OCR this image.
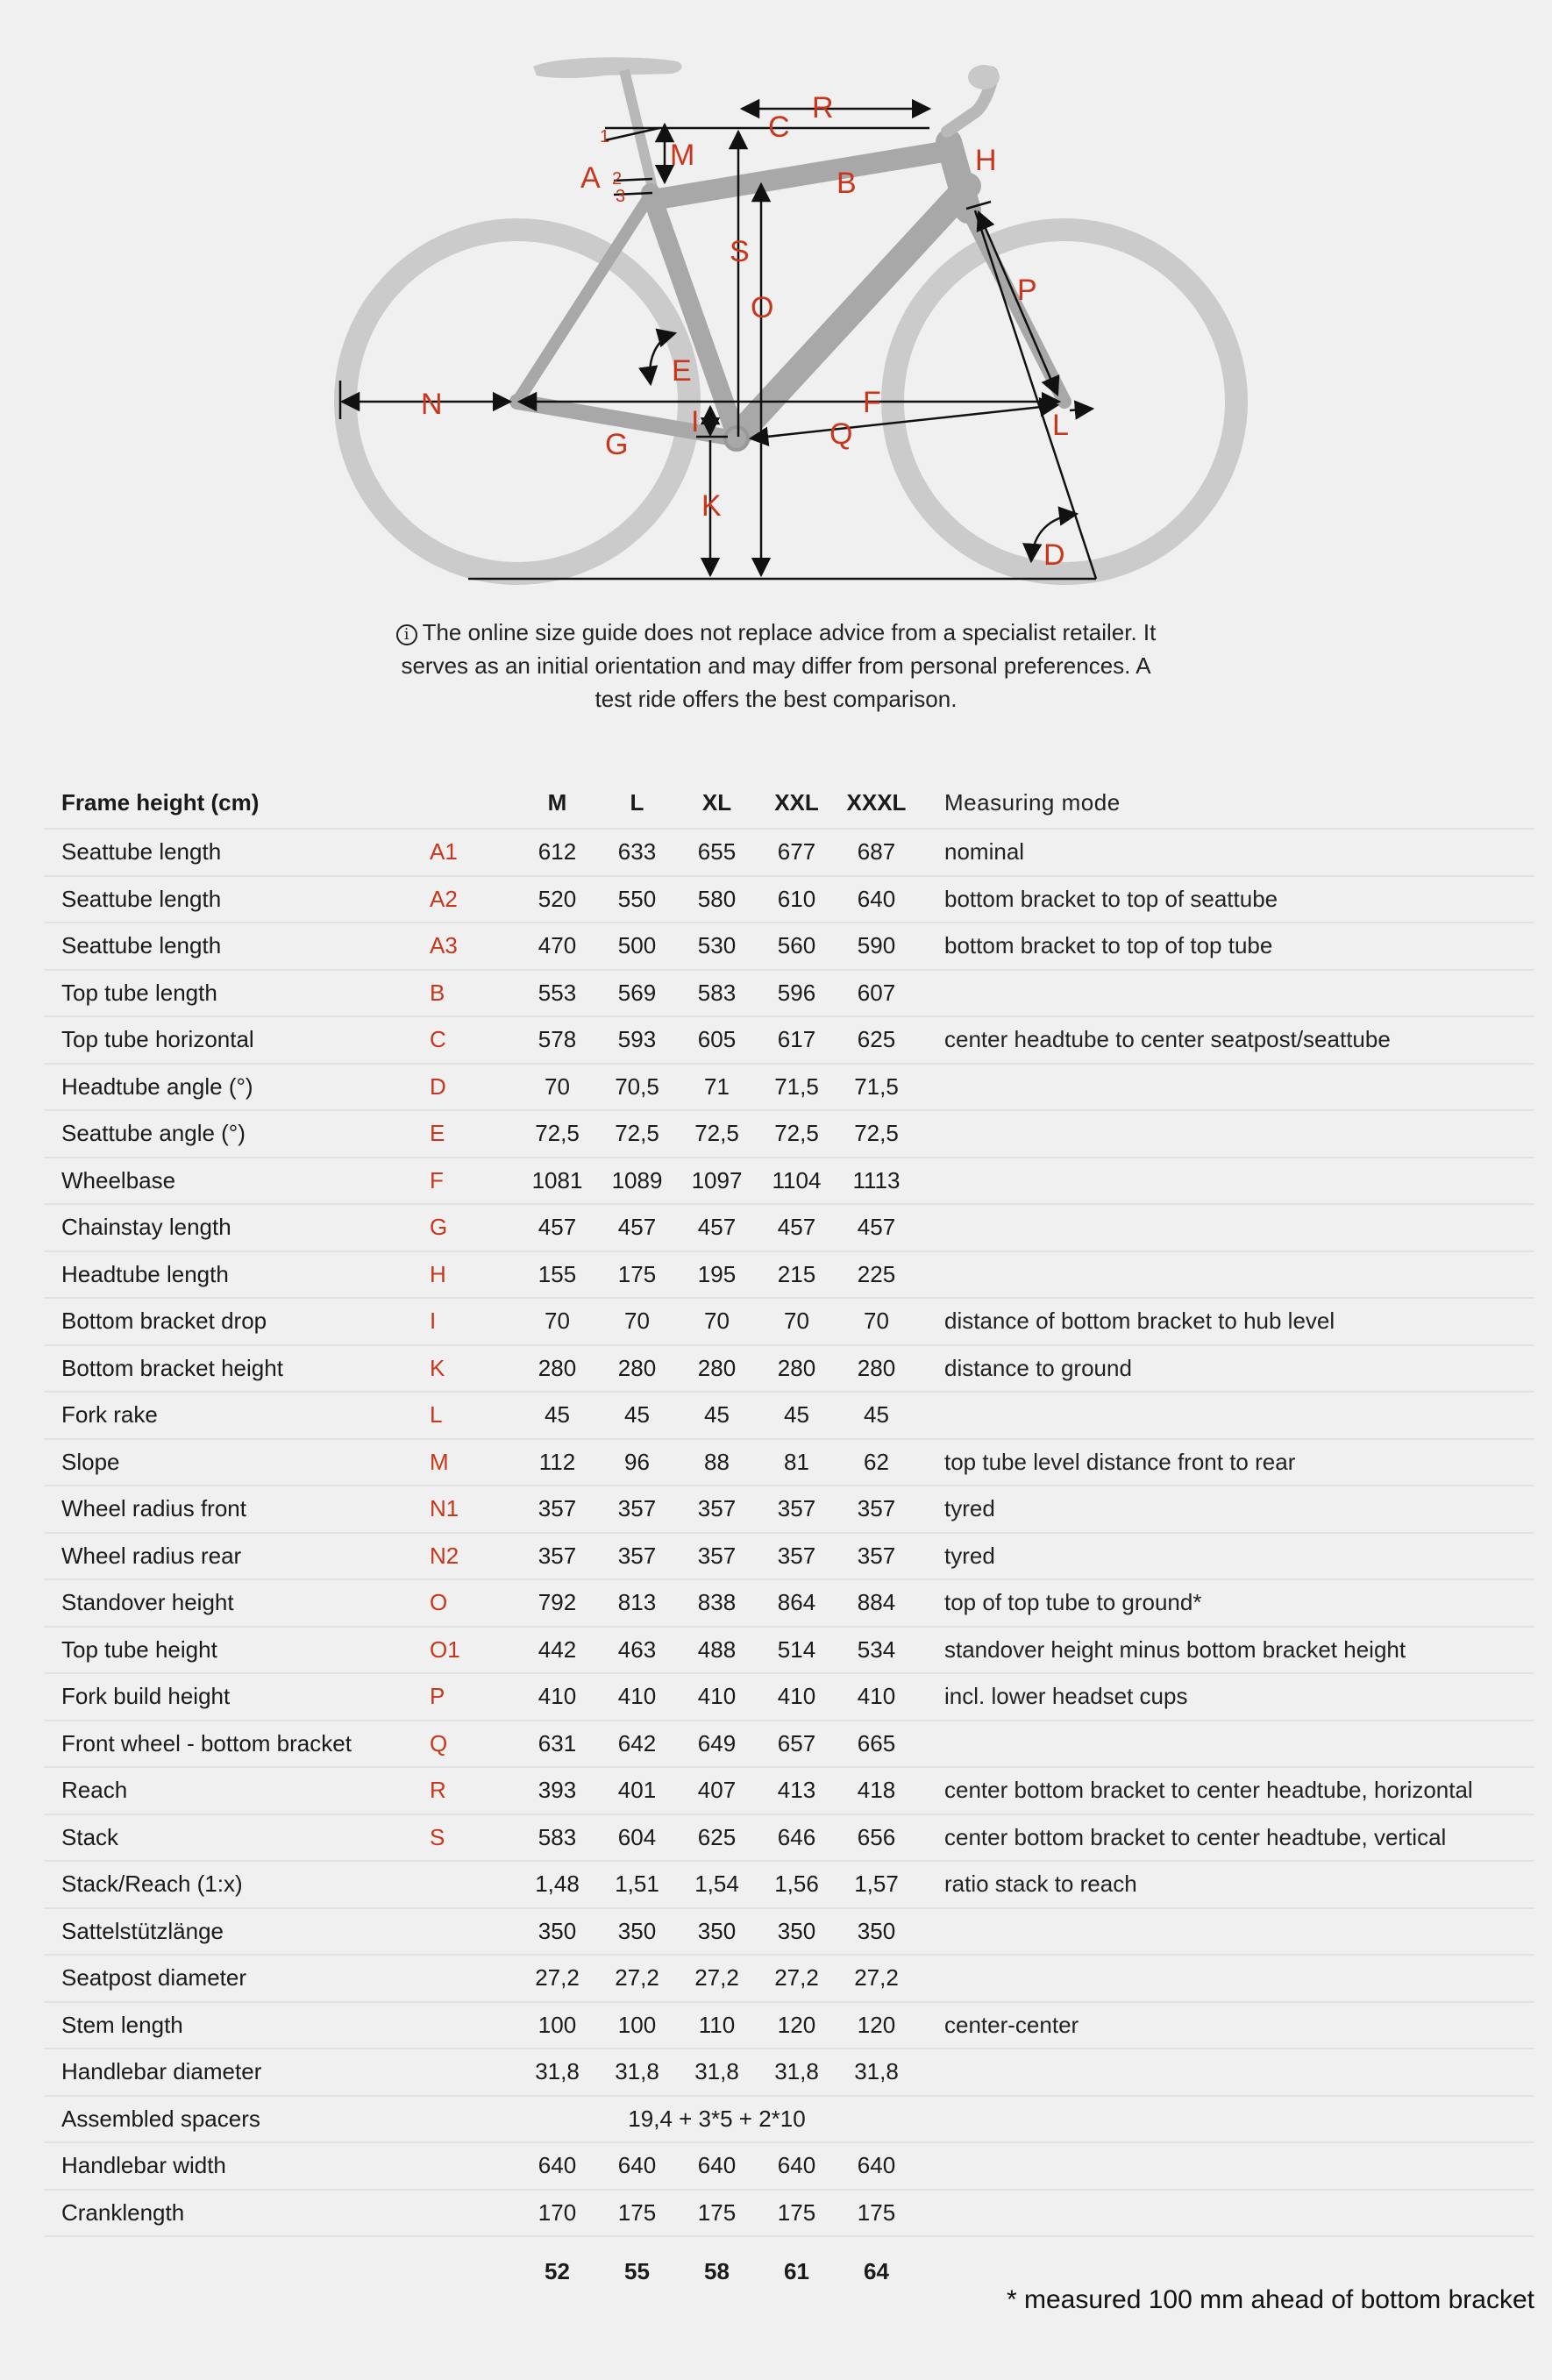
A
1
2
3
M
C
R
H
B
S
O
P
E
N	F
I
G	Q	L
K
D
i The online size guide does not replace advice from a specialist retailer. It serves as an initial orientation and may differ from personal preferences. A test ride offers the best comparison.
Frame height (cm)		M	L	XL	XXL	XXXL	Measuring mode
Seattube length	A1	612	633	655	677	687	nominal
Seattube length	A2	520	550	580	610	640	bottom bracket to top of seattube
Seattube length	A3	470	500	530	560	590	bottom bracket to top of top tube
Top tube length	B	553	569	583	596	607	
Top tube horizontal	C	578	593	605	617	625	center headtube to center seatpost/seattube
Headtube angle (°)	D	70	70,5	71	71,5	71,5	
Seattube angle (°)	E	72,5	72,5	72,5	72,5	72,5	
Wheelbase	F	1081	1089	1097	1104	1113	
Chainstay length	G	457	457	457	457	457	
Headtube length	H	155	175	195	215	225	
Bottom bracket drop	I	70	70	70	70	70	distance of bottom bracket to hub level
Bottom bracket height	K	280	280	280	280	280	distance to ground
Fork rake	L	45	45	45	45	45	
Slope	M	112	96	88	81	62	top tube level distance front to rear
Wheel radius front	N1	357	357	357	357	357	tyred
Wheel radius rear	N2	357	357	357	357	357	tyred
Standover height	O	792	813	838	864	884	top of top tube to ground*
Top tube height	O1	442	463	488	514	534	standover height minus bottom bracket height
Fork build height	P	410	410	410	410	410	incl. lower headset cups
Front wheel - bottom bracket	Q	631	642	649	657	665	
Reach	R	393	401	407	413	418	center bottom bracket to center headtube, horizontal
Stack	S	583	604	625	646	656	center bottom bracket to center headtube, vertical
Stack/Reach (1:x)		1,48	1,51	1,54	1,56	1,57	ratio stack to reach
Sattelstützlänge		350	350	350	350	350	
Seatpost diameter		27,2	27,2	27,2	27,2	27,2	
Stem length		100	100	110	120	120	center-center
Handlebar diameter		31,8	31,8	31,8	31,8	31,8	
Assembled spacers		19,4 + 3*5 + 2*10					
Handlebar width		640	640	640	640	640	
Cranklength		170	175	175	175	175	
		52	55	58	61	64	
* measured 100 mm ahead of bottom bracket
